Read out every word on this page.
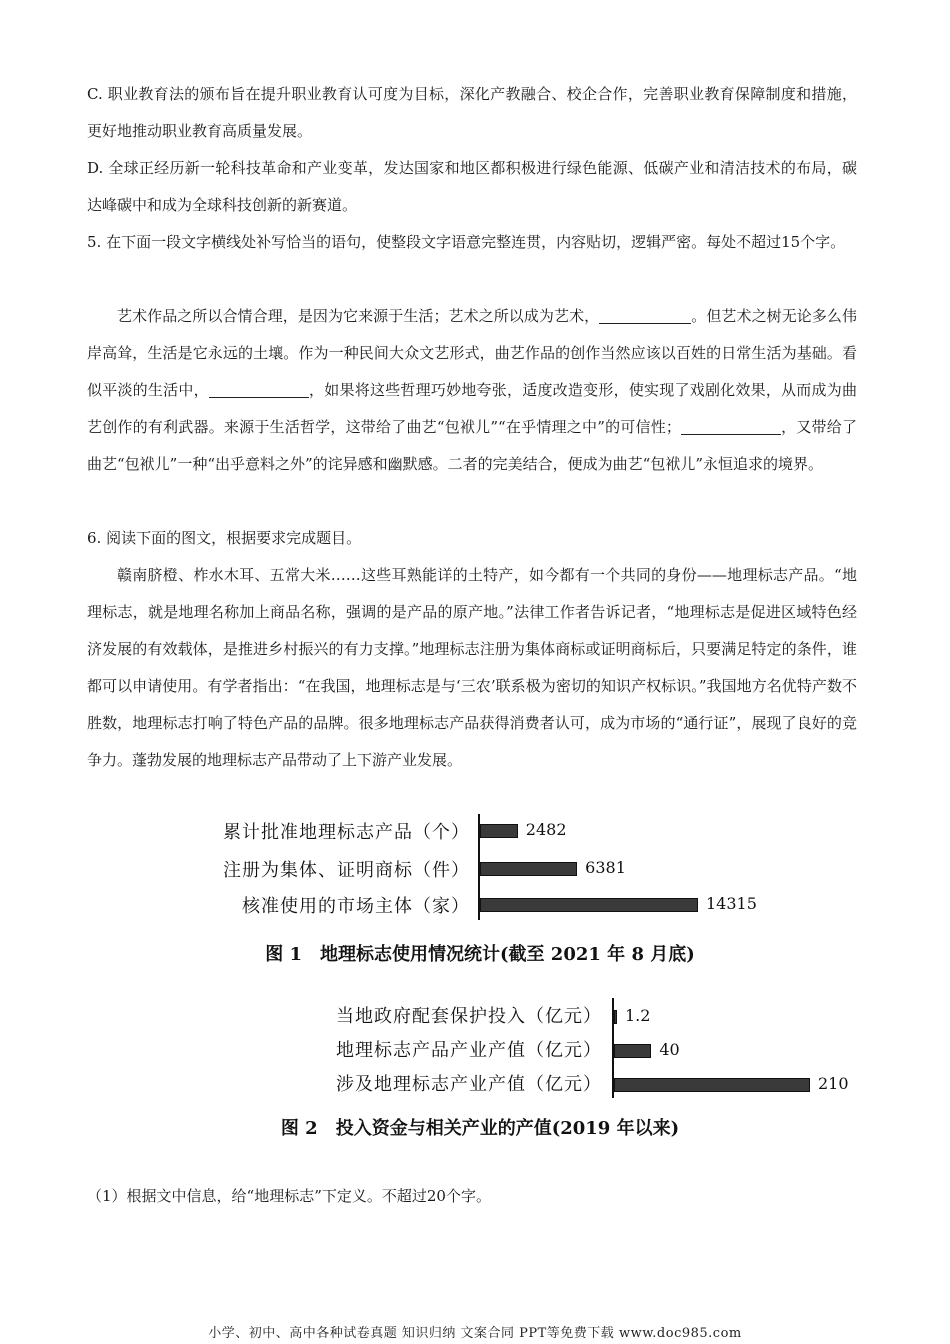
C. 职业教育法的颁布旨在提升职业教育认可度为目标，深化产教融合、校企合作，完善职业教育保障制度和措施，更好地推动职业教育高质量发展。

D. 全球正经历新一轮科技革命和产业变革，发达国家和地区都积极进行绿色能源、低碳产业和清洁技术的布局，碳达峰碳中和成为全球科技创新的新赛道。

5. 在下面一段文字横线处补写恰当的语句，使整段文字语意完整连贯，内容贴切，逻辑严密。每处不超过15个字。

艺术作品之所以合情合理，是因为它来源于生活；艺术之所以成为艺术，	。但艺术之树无论多么伟岸高耸，生活是它永远的土壤。作为一种民间大众文艺形式，曲艺作品的创作当然应该以百姓的日常生活为基础。看似平淡的生活中，	，如果将这些哲理巧妙地夸张，适度改造变形，使实现了戏剧化效果，从而成为曲艺创作的有利武器。来源于生活哲学，这带给了曲艺“包袱儿”“在乎情理之中”的可信性；	，又带给了曲艺“包袱儿”一种“出乎意料之外”的诧异感和幽默感。二者的完美结合，便成为曲艺“包袱儿”永恒追求的境界。

6. 阅读下面的图文，根据要求完成题目。

赣南脐橙、柞水木耳、五常大米……这些耳熟能详的土特产，如今都有一个共同的身份——地理标志产品。“地理标志，就是地理名称加上商品名称，强调的是产品的原产地。”法律工作者告诉记者，“地理标志是促进区域特色经济发展的有效载体，是推进乡村振兴的有力支撑。”地理标志注册为集体商标或证明商标后，只要满足特定的条件，谁都可以申请使用。有学者指出：“在我国，地理标志是与‘三农’联系极为密切的知识产权标识。”我国地方名优特产数不胜数，地理标志打响了特色产品的品牌。很多地理标志产品获得消费者认可，成为市场的“通行证”，展现了良好的竞争力。蓬勃发展的地理标志产品带动了上下游产业发展。

累计批准地理标志产品（个）
注册为集体、证明商标（件）
核准使用的市场主体（家）
2482
6381
14315
图 1　地理标志使用情况统计(截至 2021 年 8 月底)
当地政府配套保护投入（亿元）
地理标志产品产业产值（亿元）
涉及地理标志产业产值（亿元）
1.2
40
210
图 2　投入资金与相关产业的产值(2019 年以来)

（1）根据文中信息，给“地理标志”下定义。不超过20个字。

小学、初中、高中各种试卷真题 知识归纳 文案合同 PPT等免费下载 www.doc985.com
